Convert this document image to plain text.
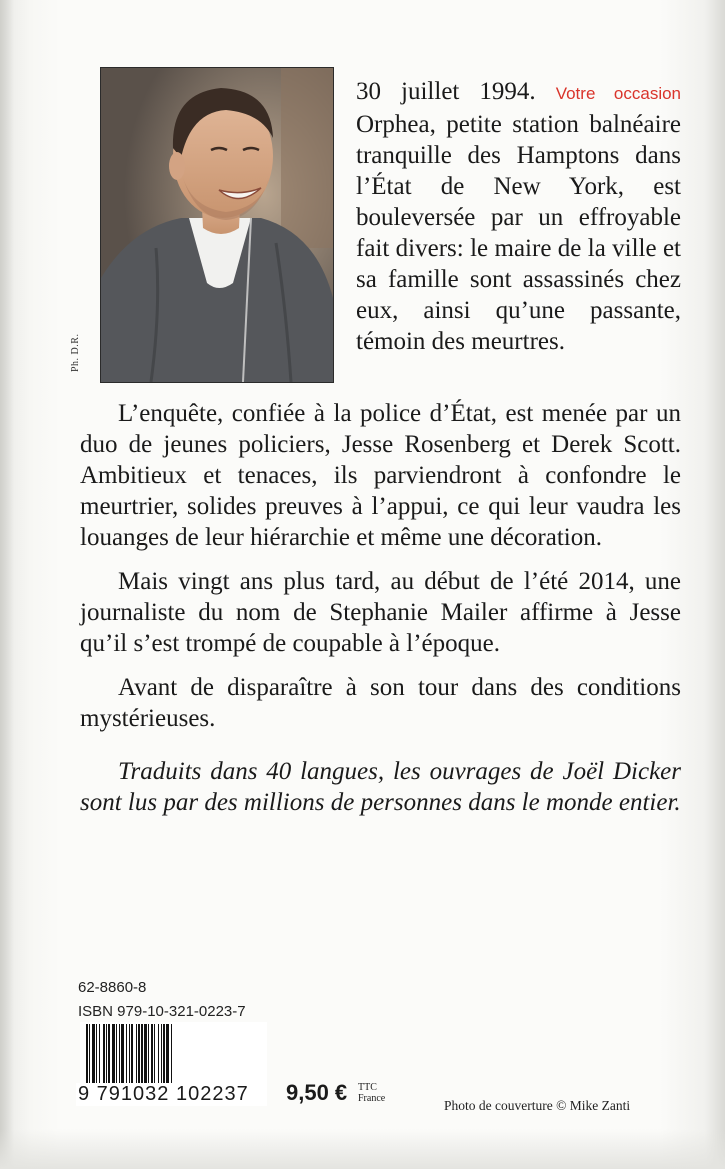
Ph. D.R.

30 juillet 1994. Votre occasion Orphea, petite station balnéaire tranquille des Hamptons dans l’État de New York, est bouleversée par un effroyable fait divers: le maire de la ville et sa famille sont assassinés chez eux, ainsi qu’une passante, témoin des meurtres.

L’enquête, confiée à la police d’État, est menée par un duo de jeunes policiers, Jesse Rosenberg et Derek Scott. Ambitieux et tenaces, ils parviendront à confondre le meurtrier, solides preuves à l’appui, ce qui leur vaudra les louanges de leur hiérarchie et même une décoration.

Mais vingt ans plus tard, au début de l’été 2014, une journaliste du nom de Stephanie Mailer affirme à Jesse qu’il s’est trompé de coupable à l’époque.

Avant de disparaître à son tour dans des conditions mystérieuses.

Traduits dans 40 langues, les ouvrages de Joël Dicker sont lus par des millions de personnes dans le monde entier.

62-8860-8
ISBN 979-10-321-0223-7
9 791032 102237 9,50 € TTC
France	Photo de couverture © Mike Zanti
